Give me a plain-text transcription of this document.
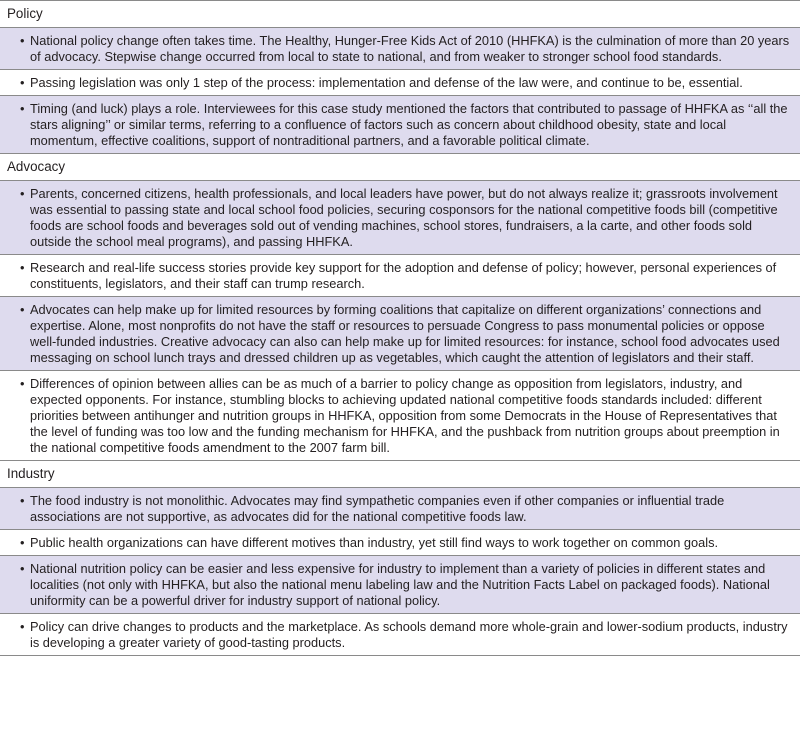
Policy
• National policy change often takes time. The Healthy, Hunger-Free Kids Act of 2010 (HHFKA) is the culmination of more than 20 years of advocacy. Stepwise change occurred from local to state to national, and from weaker to stronger school food standards.
• Passing legislation was only 1 step of the process: implementation and defense of the law were, and continue to be, essential.
• Timing (and luck) plays a role. Interviewees for this case study mentioned the factors that contributed to passage of HHFKA as ‘‘all the stars aligning’’ or similar terms, referring to a confluence of factors such as concern about childhood obesity, state and local momentum, effective coalitions, support of nontraditional partners, and a favorable political climate.
Advocacy
• Parents, concerned citizens, health professionals, and local leaders have power, but do not always realize it; grassroots involvement was essential to passing state and local school food policies, securing cosponsors for the national competitive foods bill (competitive foods are school foods and beverages sold out of vending machines, school stores, fundraisers, a la carte, and other foods sold outside the school meal programs), and passing HHFKA.
• Research and real-life success stories provide key support for the adoption and defense of policy; however, personal experiences of constituents, legislators, and their staff can trump research.
• Advocates can help make up for limited resources by forming coalitions that capitalize on different organizations’ connections and expertise. Alone, most nonprofits do not have the staff or resources to persuade Congress to pass monumental policies or oppose well-funded industries. Creative advocacy can also can help make up for limited resources: for instance, school food advocates used messaging on school lunch trays and dressed children up as vegetables, which caught the attention of legislators and their staff.
• Differences of opinion between allies can be as much of a barrier to policy change as opposition from legislators, industry, and expected opponents. For instance, stumbling blocks to achieving updated national competitive foods standards included: different priorities between antihunger and nutrition groups in HHFKA, opposition from some Democrats in the House of Representatives that the level of funding was too low and the funding mechanism for HHFKA, and the pushback from nutrition groups about preemption in the national competitive foods amendment to the 2007 farm bill.
Industry
• The food industry is not monolithic. Advocates may find sympathetic companies even if other companies or influential trade associations are not supportive, as advocates did for the national competitive foods law.
• Public health organizations can have different motives than industry, yet still find ways to work together on common goals.
• National nutrition policy can be easier and less expensive for industry to implement than a variety of policies in different states and localities (not only with HHFKA, but also the national menu labeling law and the Nutrition Facts Label on packaged foods). National uniformity can be a powerful driver for industry support of national policy.
• Policy can drive changes to products and the marketplace. As schools demand more whole-grain and lower-sodium products, industry is developing a greater variety of good-tasting products.
